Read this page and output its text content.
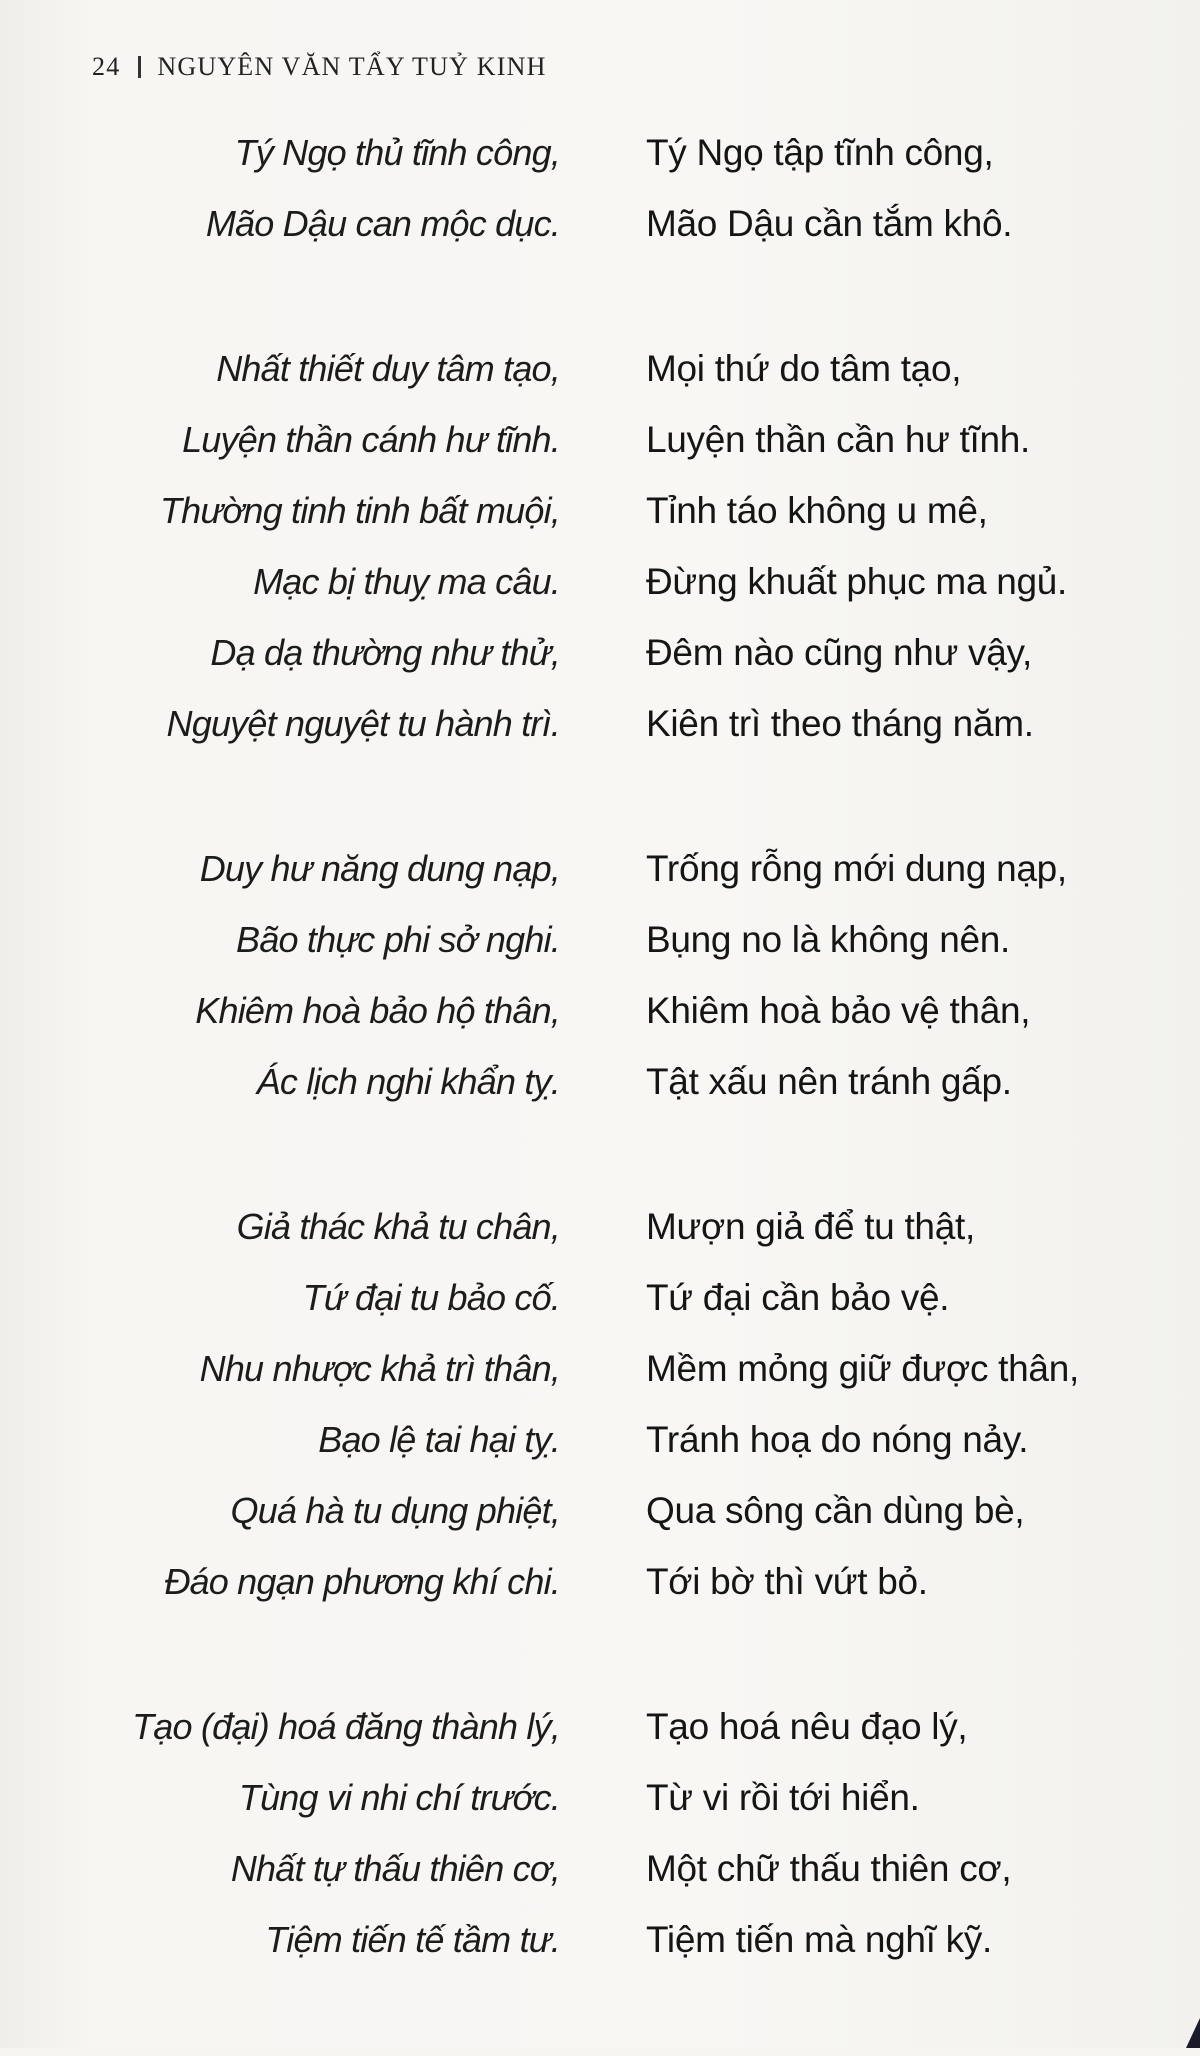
24 NGUYÊN VĂN TẨY TUỶ KINH
Tý Ngọ thủ tĩnh công, Tý Ngọ tập tĩnh công,
Mão Dậu can mộc dục. Mão Dậu cần tắm khô.
Nhất thiết duy tâm tạo, Mọi thứ do tâm tạo,
Luyện thần cánh hư tĩnh. Luyện thần cần hư tĩnh.
Thường tinh tinh bất muội, Tỉnh táo không u mê,
Mạc bị thuỵ ma câu. Đừng khuất phục ma ngủ.
Dạ dạ thường như thử, Đêm nào cũng như vậy,
Nguyệt nguyệt tu hành trì. Kiên trì theo tháng năm.
Duy hư năng dung nạp, Trống rỗng mới dung nạp,
Bão thực phi sở nghi. Bụng no là không nên.
Khiêm hoà bảo hộ thân, Khiêm hoà bảo vệ thân,
Ác lịch nghi khẩn tỵ. Tật xấu nên tránh gấp.
Giả thác khả tu chân, Mượn giả để tu thật,
Tứ đại tu bảo cố. Tứ đại cần bảo vệ.
Nhu nhược khả trì thân, Mềm mỏng giữ được thân,
Bạo lệ tai hại tỵ. Tránh hoạ do nóng nảy.
Quá hà tu dụng phiệt, Qua sông cần dùng bè,
Đáo ngạn phương khí chi. Tới bờ thì vứt bỏ.
Tạo (đại) hoá đăng thành lý, Tạo hoá nêu đạo lý,
Tùng vi nhi chí trước. Từ vi rồi tới hiển.
Nhất tự thấu thiên cơ, Một chữ thấu thiên cơ,
Tiệm tiến tế tầm tư. Tiệm tiến mà nghĩ kỹ.
